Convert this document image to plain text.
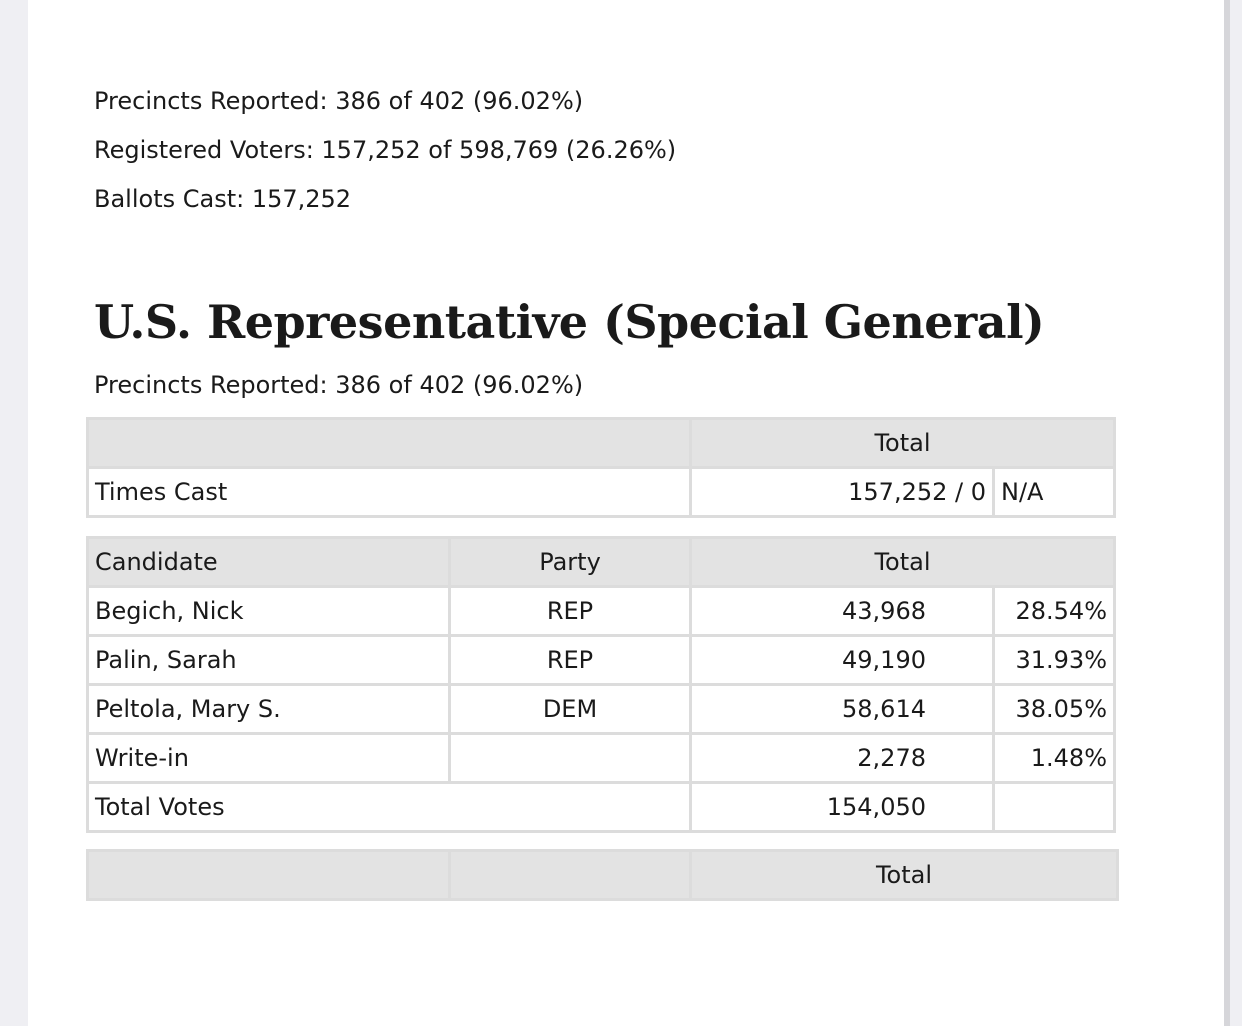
Precincts Reported: 386 of 402 (96.02%)
Registered Voters: 157,252 of 598,769 (26.26%)
Ballots Cast: 157,252
U.S. Representative (Special General)
Precincts Reported: 386 of 402 (96.02%)
	Total	
Times Cast	157,252 / 0	N/A
Candidate	Party	Total	
Begich, Nick	REP	43,968	28.54%
Palin, Sarah	REP	49,190	31.93%
Peltola, Mary S.	DEM	58,614	38.05%
Write-in		2,278	1.48%
Total Votes		154,050	
		Total
